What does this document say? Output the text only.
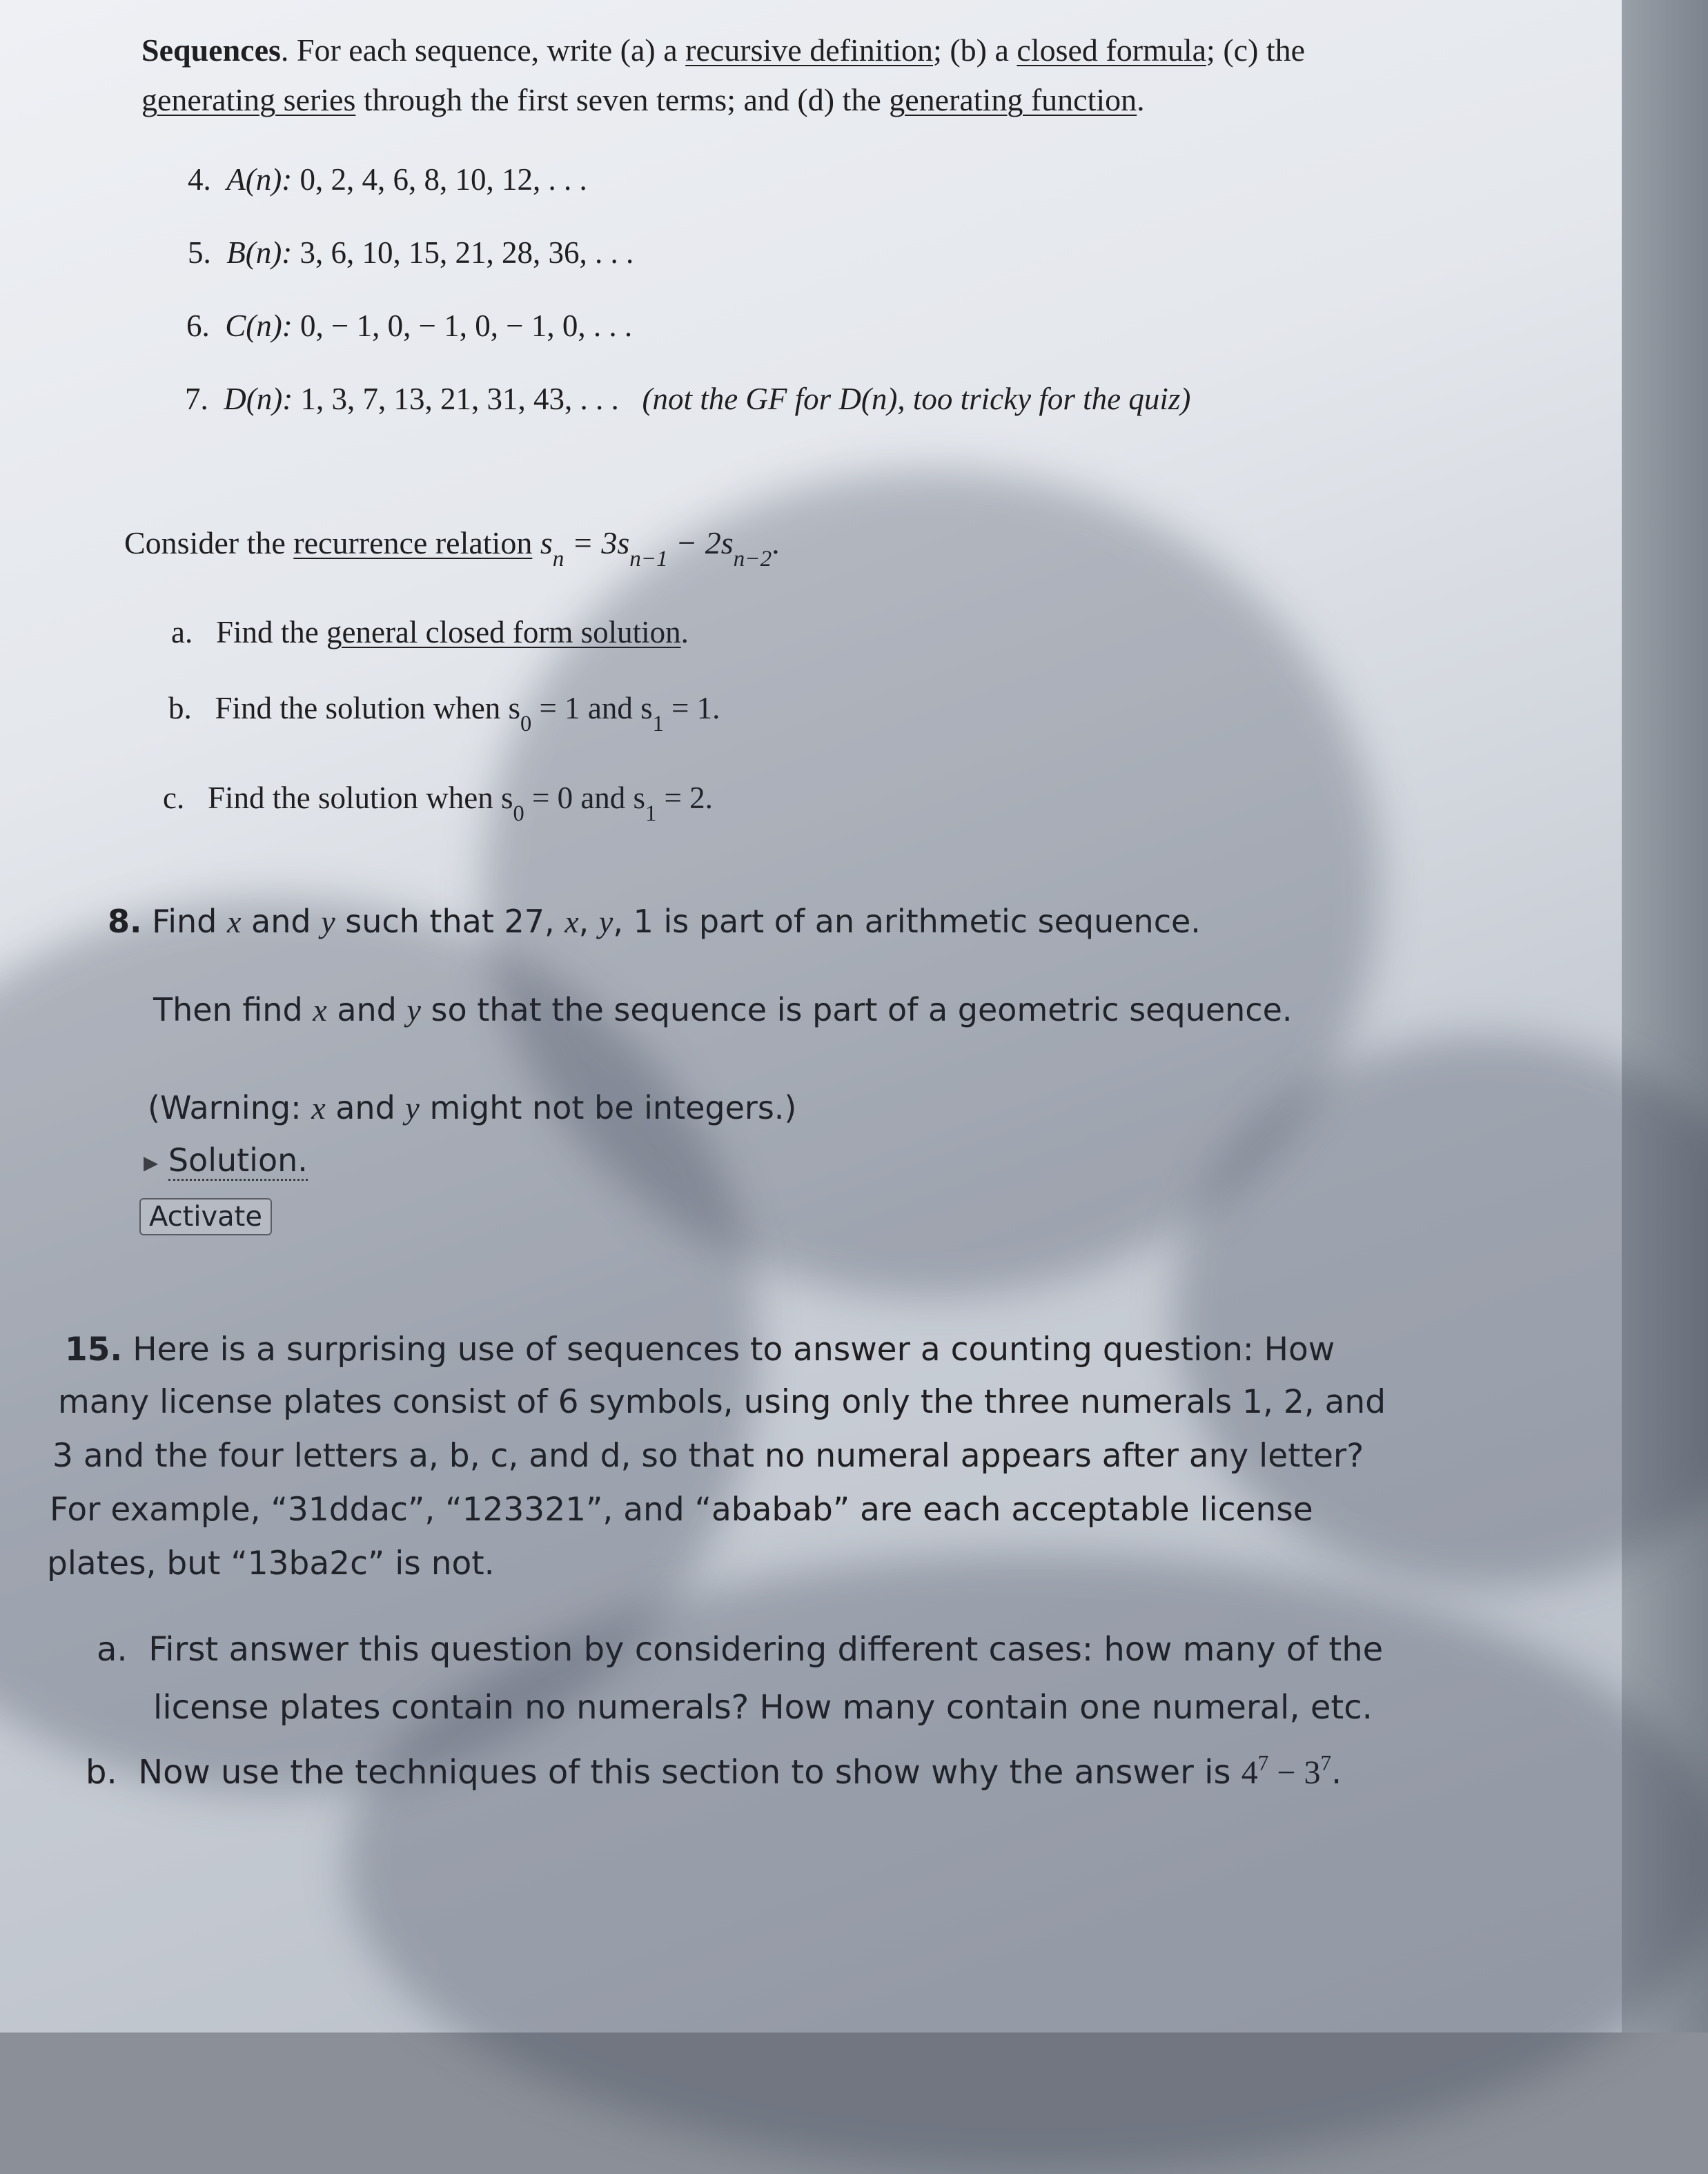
Sequences. For each sequence, write (a) a recursive definition; (b) a closed formula; (c) the
generating series through the first seven terms; and (d) the generating function.
4. A(n): 0, 2, 4, 6, 8, 10, 12, . . .
5. B(n): 3, 6, 10, 15, 21, 28, 36, . . .
6. C(n): 0, − 1, 0, − 1, 0, − 1, 0, . . .
7. D(n): 1, 3, 7, 13, 21, 31, 43, . . . (not the GF for D(n), too tricky for the quiz)
Consider the recurrence relation $s_n = 3s_{n-1} - 2s_{n-2}$.
a. Find the general closed form solution.
b. Find the solution when $s_0 = 1$ and $s_1 = 1$.
c. Find the solution when $s_0 = 0$ and $s_1 = 2$.
8. Find x and y such that 27, x, y, 1 is part of an arithmetic sequence.
Then find x and y so that the sequence is part of a geometric sequence.
(Warning: x and y might not be integers.)
▶ Solution.
Activate
15. Here is a surprising use of sequences to answer a counting question: How
many license plates consist of 6 symbols, using only the three numerals 1, 2, and
3 and the four letters a, b, c, and d, so that no numeral appears after any letter?
For example, “31ddac”, “123321”, and “ababab” are each acceptable license
plates, but “13ba2c” is not.
a. First answer this question by considering different cases: how many of the
license plates contain no numerals? How many contain one numeral, etc.
b. Now use the techniques of this section to show why the answer is $4^7 - 3^7$.
